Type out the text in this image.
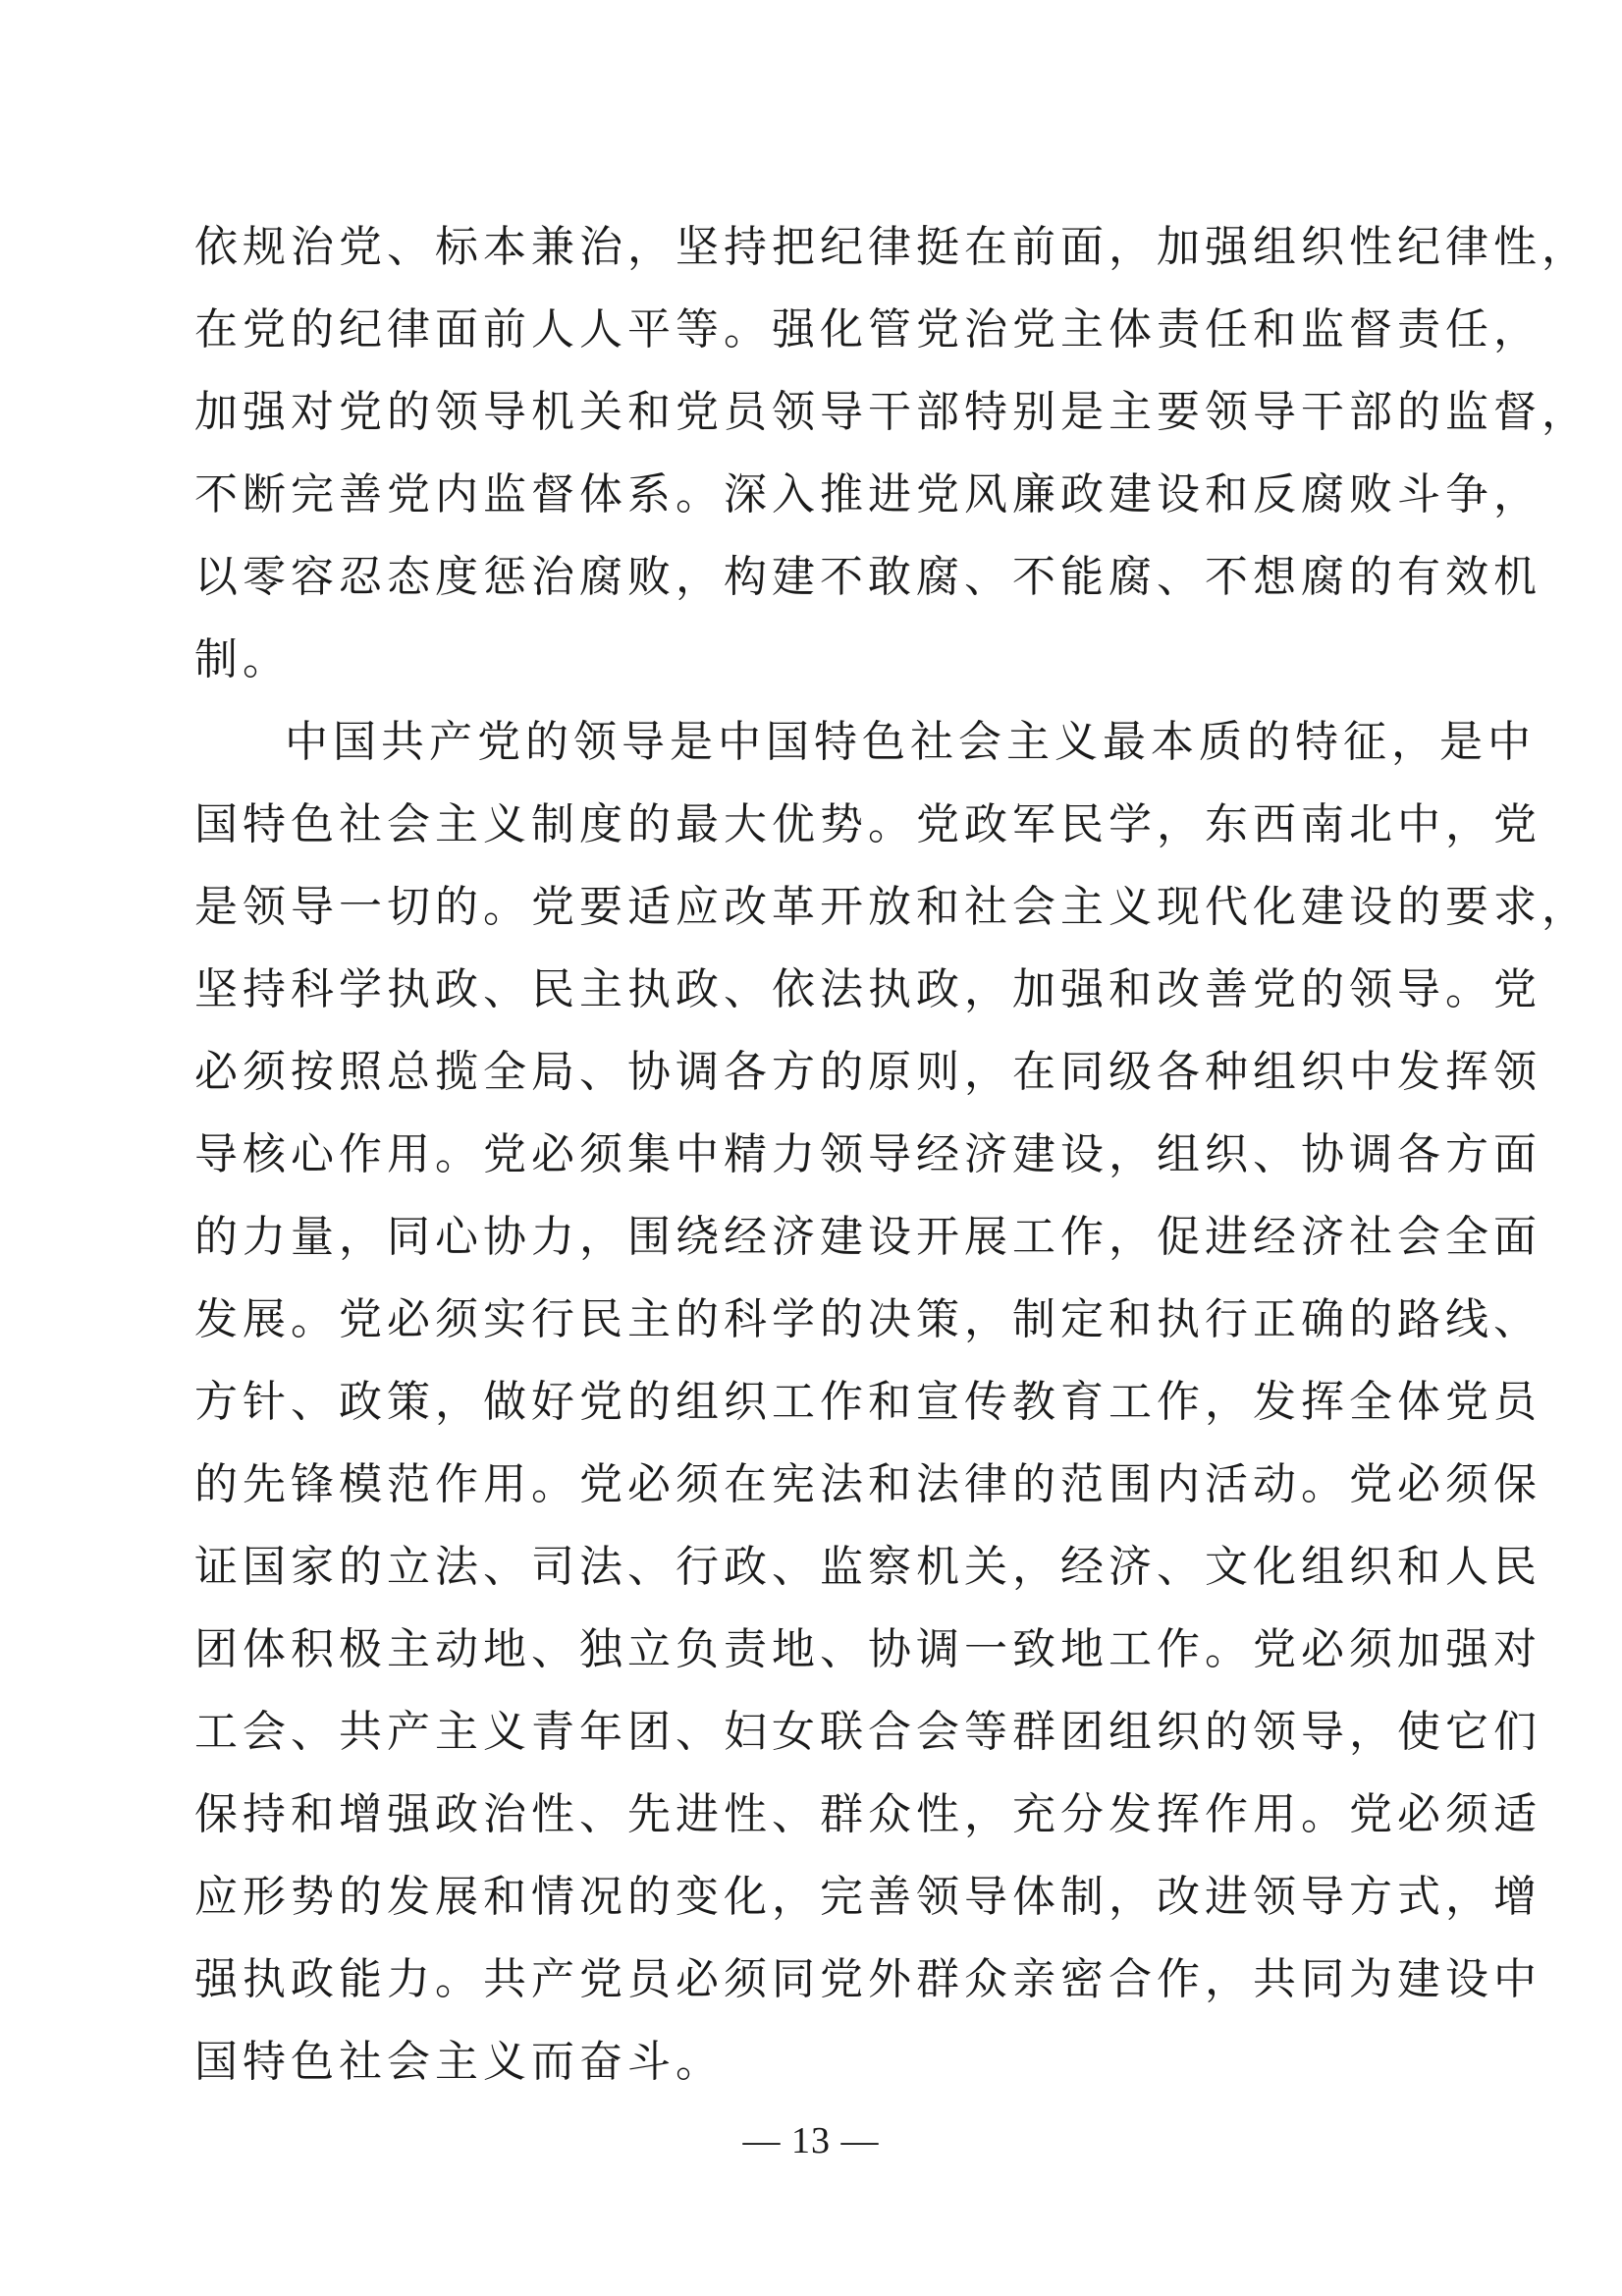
依规治党、标本兼治，坚持把纪律挺在前面，加强组织性纪律性，
在党的纪律面前人人平等。强化管党治党主体责任和监督责任，
加强对党的领导机关和党员领导干部特别是主要领导干部的监督，
不断完善党内监督体系。深入推进党风廉政建设和反腐败斗争，
以零容忍态度惩治腐败，构建不敢腐、不能腐、不想腐的有效机
制。
中国共产党的领导是中国特色社会主义最本质的特征，是中
国特色社会主义制度的最大优势。党政军民学，东西南北中，党
是领导一切的。党要适应改革开放和社会主义现代化建设的要求，
坚持科学执政、民主执政、依法执政，加强和改善党的领导。党
必须按照总揽全局、协调各方的原则，在同级各种组织中发挥领
导核心作用。党必须集中精力领导经济建设，组织、协调各方面
的力量，同心协力，围绕经济建设开展工作，促进经济社会全面
发展。党必须实行民主的科学的决策，制定和执行正确的路线、
方针、政策，做好党的组织工作和宣传教育工作，发挥全体党员
的先锋模范作用。党必须在宪法和法律的范围内活动。党必须保
证国家的立法、司法、行政、监察机关，经济、文化组织和人民
团体积极主动地、独立负责地、协调一致地工作。党必须加强对
工会、共产主义青年团、妇女联合会等群团组织的领导，使它们
保持和增强政治性、先进性、群众性，充分发挥作用。党必须适
应形势的发展和情况的变化，完善领导体制，改进领导方式，增
强执政能力。共产党员必须同党外群众亲密合作，共同为建设中
国特色社会主义而奋斗。
— 13 —
